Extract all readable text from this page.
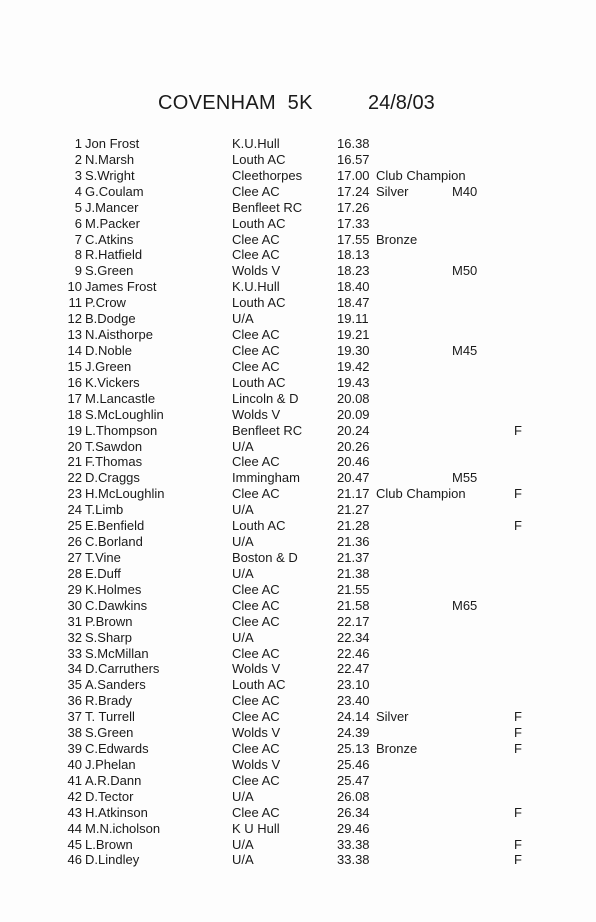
COVENHAM  5K	24/8/03
1 Jon Frost	K.U.Hull	16.38
2 N.Marsh	Louth AC	16.57
3 S.Wright	Cleethorpes	17.00 Club Champion
4 G.Coulam	Clee AC	17.24 Silver	M40
5 J.Mancer	Benfleet RC	17.26
6 M.Packer	Louth AC	17.33
7 C.Atkins	Clee AC	17.55 Bronze
8 R.Hatfield	Clee AC	18.13
9 S.Green	Wolds V	18.23	M50
10 James Frost	K.U.Hull	18.40
11 P.Crow	Louth AC	18.47
12 B.Dodge	U/A	19.11
13 N.Aisthorpe	Clee AC	19.21
14 D.Noble	Clee AC	19.30	M45
15 J.Green	Clee AC	19.42
16 K.Vickers	Louth AC	19.43
17 M.Lancastle	Lincoln & D	20.08
18 S.McLoughlin	Wolds V	20.09
19 L.Thompson	Benfleet RC	20.24	F
20 T.Sawdon	U/A	20.26
21 F.Thomas	Clee AC	20.46
22 D.Craggs	Immingham	20.47	M55
23 H.McLoughlin	Clee AC	21.17 Club Champion	F
24 T.Limb	U/A	21.27
25 E.Benfield	Louth AC	21.28	F
26 C.Borland	U/A	21.36
27 T.Vine	Boston & D	21.37
28 E.Duff	U/A	21.38
29 K.Holmes	Clee AC	21.55
30 C.Dawkins	Clee AC	21.58	M65
31 P.Brown	Clee AC	22.17
32 S.Sharp	U/A	22.34
33 S.McMillan	Clee AC	22.46
34 D.Carruthers	Wolds V	22.47
35 A.Sanders	Louth AC	23.10
36 R.Brady	Clee AC	23.40
37 T. Turrell	Clee AC	24.14 Silver	F
38 S.Green	Wolds V	24.39	F
39 C.Edwards	Clee AC	25.13 Bronze	F
40 J.Phelan	Wolds V	25.46
41 A.R.Dann	Clee AC	25.47
42 D.Tector	U/A	26.08
43 H.Atkinson	Clee AC	26.34	F
44 M.N.icholson	K U Hull	29.46
45 L.Brown	U/A	33.38	F
46 D.Lindley	U/A	33.38	F
